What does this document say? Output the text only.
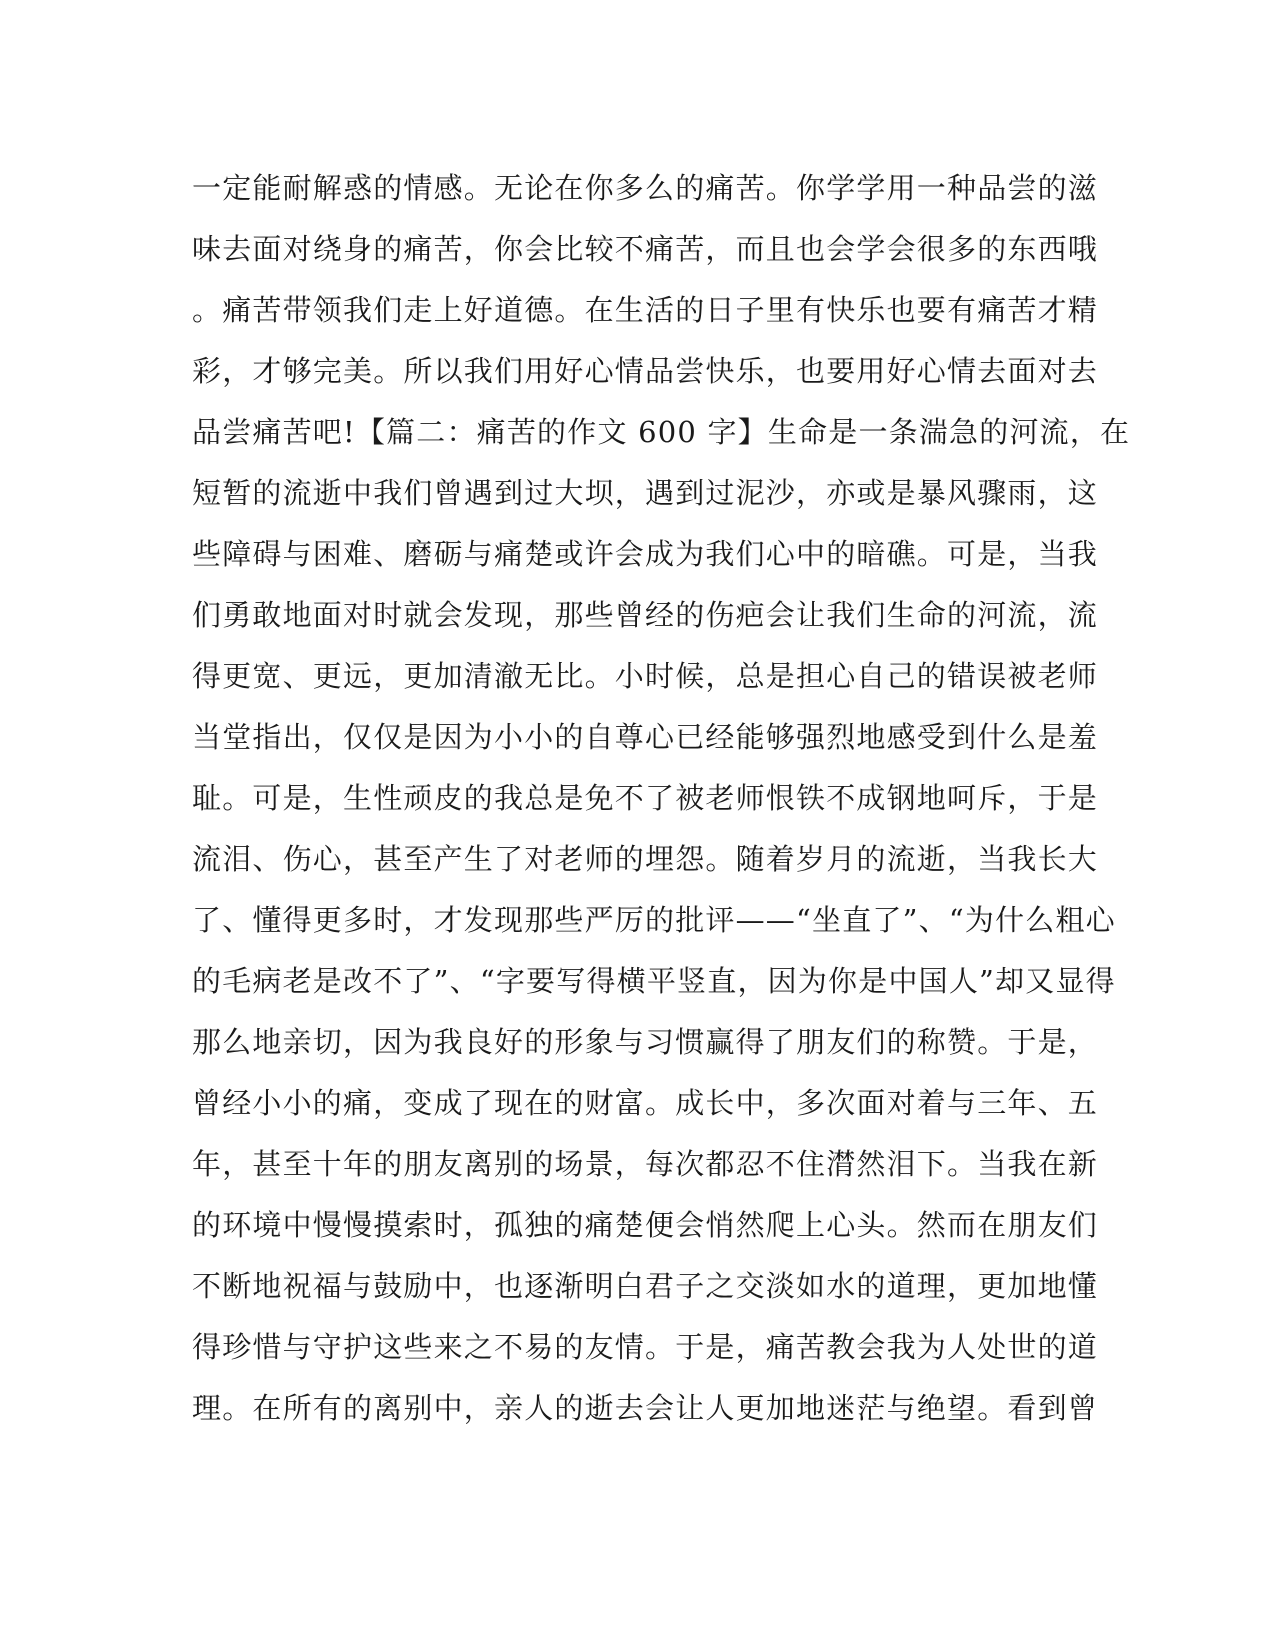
一定能耐解惑的情感。无论在你多么的痛苦。你学学用一种品尝的滋
味去面对绕身的痛苦，你会比较不痛苦，而且也会学会很多的东西哦
。痛苦带领我们走上好道德。在生活的日子里有快乐也要有痛苦才精
彩，才够完美。所以我们用好心情品尝快乐，也要用好心情去面对去
品尝痛苦吧!【篇二：痛苦的作文 600 字】生命是一条湍急的河流，在
短暂的流逝中我们曾遇到过大坝，遇到过泥沙，亦或是暴风骤雨，这
些障碍与困难、磨砺与痛楚或许会成为我们心中的暗礁。可是，当我
们勇敢地面对时就会发现，那些曾经的伤疤会让我们生命的河流，流
得更宽、更远，更加清澈无比。小时候，总是担心自己的错误被老师
当堂指出，仅仅是因为小小的自尊心已经能够强烈地感受到什么是羞
耻。可是，生性顽皮的我总是免不了被老师恨铁不成钢地呵斥，于是
流泪、伤心，甚至产生了对老师的埋怨。随着岁月的流逝，当我长大
了、懂得更多时，才发现那些严厉的批评——“坐直了”、“为什么粗心
的毛病老是改不了”、“字要写得横平竖直，因为你是中国人”却又显得
那么地亲切，因为我良好的形象与习惯赢得了朋友们的称赞。于是，
曾经小小的痛，变成了现在的财富。成长中，多次面对着与三年、五
年，甚至十年的朋友离别的场景，每次都忍不住潸然泪下。当我在新
的环境中慢慢摸索时，孤独的痛楚便会悄然爬上心头。然而在朋友们
不断地祝福与鼓励中，也逐渐明白君子之交淡如水的道理，更加地懂
得珍惜与守护这些来之不易的友情。于是，痛苦教会我为人处世的道
理。在所有的离别中，亲人的逝去会让人更加地迷茫与绝望。看到曾
